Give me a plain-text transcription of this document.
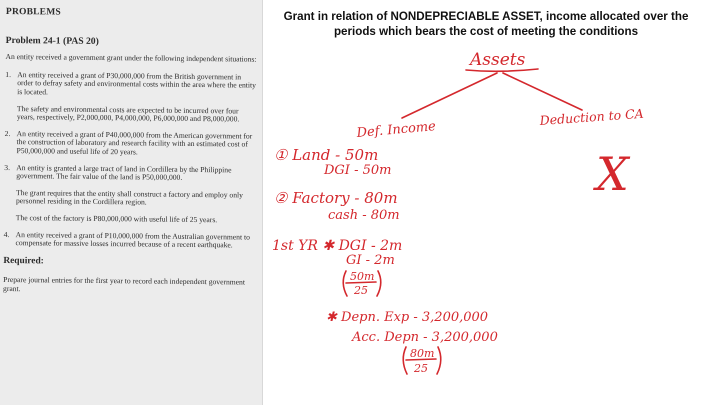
PROBLEMS
Problem 24-1 (PAS 20)
An entity received a government grant under the following independent situations:
1. An entity received a grant of P30,000,000 from the British government in order to defray safety and environmental costs within the area where the entity is located.
The safety and environmental costs are expected to be incurred over four years, respectively, P2,000,000, P4,000,000, P6,000,000 and P8,000,000.
2. An entity received a grant of P40,000,000 from the American government for the construction of laboratory and research facility with an estimated cost of P50,000,000 and useful life of 20 years.
3. An entity is granted a large tract of land in Cordillera by the Philippine government. The fair value of the land is P50,000,000.
The grant requires that the entity shall construct a factory and employ only personnel residing in the Cordillera region.
The cost of the factory is P80,000,000 with useful life of 25 years.
4. An entity received a grant of P10,000,000 from the Australian government to compensate for massive losses incurred because of a recent earthquake.
Required:
Prepare journal entries for the first year to record each independent government grant.
Grant in relation of NONDEPRECIABLE ASSET, income allocated over the periods which bears the cost of meeting the conditions
Assets
Deduction to CA
X
Def. Income
① Land - 50m
DGI - 50m
② Factory - 80m
cash - 80m
1st YR ✱ DGI - 2m
GI - 2m
50m
25
✱ Depn. Exp - 3,200,000
Acc. Depn - 3,200,000
80m
25
